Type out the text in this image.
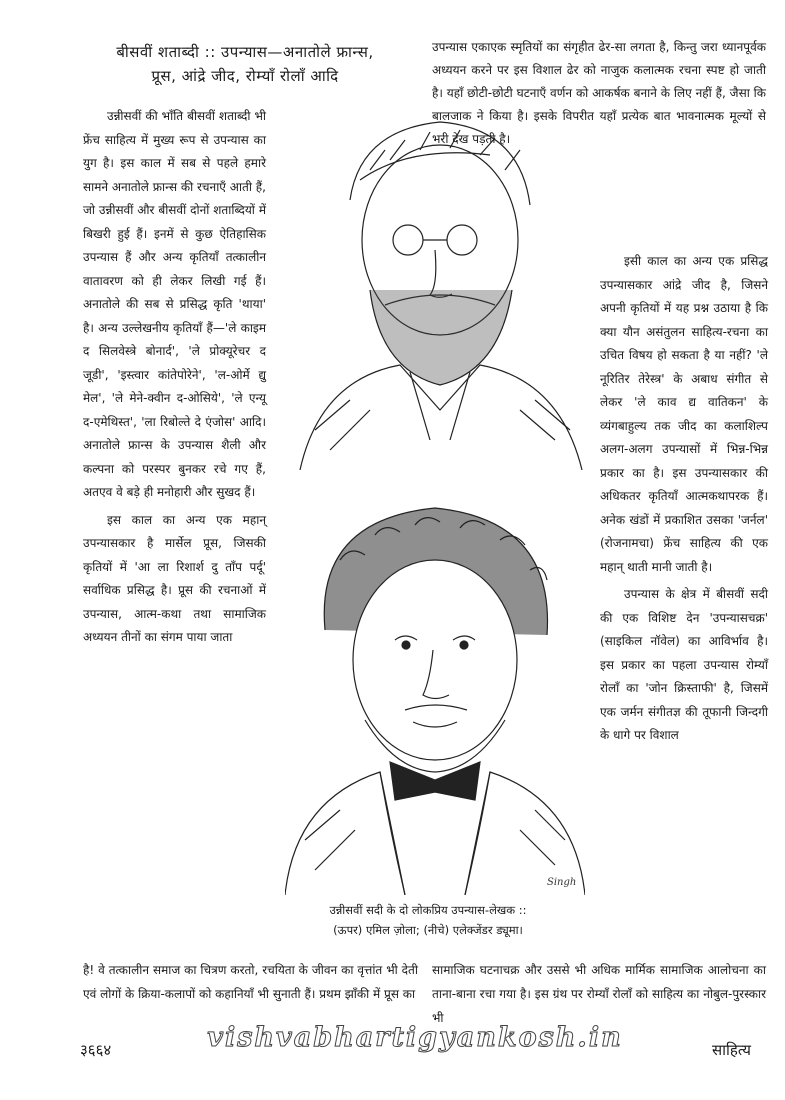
बीसवीं शताब्दी :: उपन्यास—अनातोले फ्रान्स,
प्रूस, आंद्रे जीद, रोम्याँ रोलाँ आदि

उन्नीसवीं की भाँति बीसवीं शताब्दी भी फ्रेंच साहित्य में मुख्य रूप से उपन्यास का युग है। इस काल में सब से पहले हमारे सामने अनातोले फ्रान्स की रचनाएँ आती हैं, जो उन्नीसवीं और बीसवीं दोनों शताब्दियों में बिखरी हुई हैं। इनमें से कुछ ऐतिहासिक उपन्यास हैं और अन्य कृतियाँ तत्कालीन वातावरण को ही लेकर लिखी गई हैं। अनातोले की सब से प्रसिद्ध कृति 'थाया' है। अन्य उल्लेखनीय कृतियाँ हैं—'ले काइम द सिलवेस्त्रे बोनार्द', 'ले प्रोक्यूरेचर द जूडी', 'इस्त्वार कांतेपोरेने', 'ल-ओर्मे द्यु मेल', 'ले मेने-क्वीन द-ओसिये', 'ले एन्यू द-एमेथिस्त', 'ला रिबोल्ते दे एंजोस' आदि। अनातोले फ्रान्स के उपन्यास शैली और कल्पना को परस्पर बुनकर रचे गए हैं, अतएव वे बड़े ही मनोहारी और सुखद हैं।

इस काल का अन्य एक महान् उपन्यासकार है मार्सेल प्रूस, जिसकी कृतियों में 'आ ला रिशार्श दु ताँप पर्दू' सर्वाधिक प्रसिद्ध है। प्रूस की रचनाओं में उपन्यास, आत्म-कथा तथा सामाजिक अध्ययन तीनों का संगम पाया जाता

उपन्यास एकाएक स्मृतियों का संगृहीत ढेर-सा लगता है, किन्तु जरा ध्यानपूर्वक अध्ययन करने पर इस विशाल ढेर को नाजुक कलात्मक रचना स्पष्ट हो जाती है। यहाँ छोटी-छोटी घटनाएँ वर्णन को आकर्षक बनाने के लिए नहीं हैं, जैसा कि बालजाक ने किया है। इसके विपरीत यहाँ प्रत्येक बात भावनात्मक मूल्यों से भरी देख पड़ती है।

इसी काल का अन्य एक प्रसिद्ध उपन्यासकार आंद्रे जीद है, जिसने अपनी कृतियों में यह प्रश्न उठाया है कि क्या यौन असंतुलन साहित्य-रचना का उचित विषय हो सकता है या नहीं? 'ले नूरितिर तेरेस्त्र' के अबाध संगीत से लेकर 'ले काव द्य वातिकन' के व्यंगबाहुल्य तक जीद का कलाशिल्प अलग-अलग उपन्यासों में भिन्न-भिन्न प्रकार का है। इस उपन्यासकार की अधिकतर कृतियाँ आत्मकथापरक हैं। अनेक खंडों में प्रकाशित उसका 'जर्नल' (रोजनामचा) फ्रेंच साहित्य की एक महान् थाती मानी जाती है।

उपन्यास के क्षेत्र में बीसवीं सदी की एक विशिष्ट देन 'उपन्यासचक्र' (साइकिल नॉवेल) का आविर्भाव है। इस प्रकार का पहला उपन्यास रोम्याँ रोलाँ का 'जोन क्रिस्ताफी' है, जिसमें एक जर्मन संगीतज्ञ की तूफानी जिन्दगी के धागे पर विशाल

Singh
उन्नीसवीं सदी के दो लोकप्रिय उपन्यास-लेखक ::
(ऊपर) एमिल ज़ोला; (नीचे) एलेक्जेंडर ड्यूमा।

है! वे तत्कालीन समाज का चित्रण करतो, रचयिता के जीवन का वृत्तांत भी देती एवं लोगों के क्रिया-कलापों को कहानियाँ भी सुनाती हैं। प्रथम झाँकी में प्रूस का

सामाजिक घटनाचक्र और उससे भी अधिक मार्मिक सामाजिक आलोचना का ताना-बाना रचा गया है। इस ग्रंथ पर रोम्याँ रोलाँ को साहित्य का नोबुल-पुरस्कार भी

vishvabhartigyankosh.in
३६६४	साहित्य
